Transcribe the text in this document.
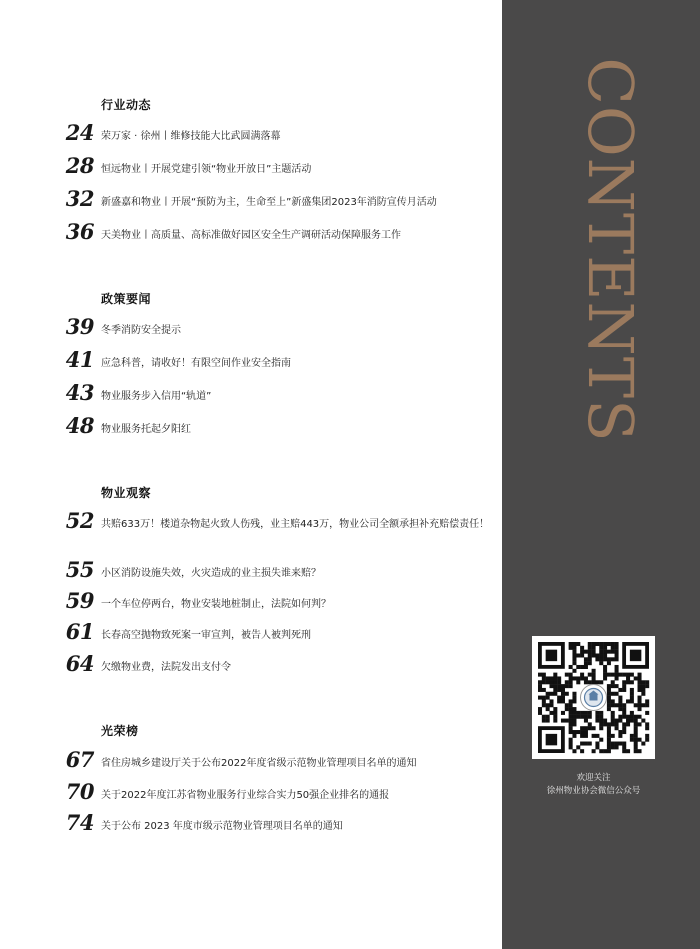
行业动态
24 荣万家 · 徐州丨维修技能大比武圆满落幕
28 恒远物业丨开展党建引领“物业开放日”主题活动
32 新盛嘉和物业丨开展“预防为主，生命至上”新盛集团2023年消防宣传月活动
36 天美物业丨高质量、高标准做好园区安全生产调研活动保障服务工作
政策要闻
39 冬季消防安全提示
41 应急科普，请收好！有限空间作业安全指南
43 物业服务步入信用“轨道”
48 物业服务托起夕阳红
物业观察
52 共赔633万！楼道杂物起火致人伤残，业主赔443万，物业公司全额承担补充赔偿责任！
55 小区消防设施失效，火灾造成的业主损失谁来赔？
59 一个车位停两台，物业安装地桩制止，法院如何判？
61 长春高空抛物致死案一审宣判，被告人被判死刑
64 欠缴物业费，法院发出支付令
光荣榜
67 省住房城乡建设厅关于公布2022年度省级示范物业管理项目名单的通知
70 关于2022年度江苏省物业服务行业综合实力50强企业排名的通报
74 关于公布 2023 年度市级示范物业管理项目名单的通知
CONTENTS
欢迎关注
徐州物业协会微信公众号
